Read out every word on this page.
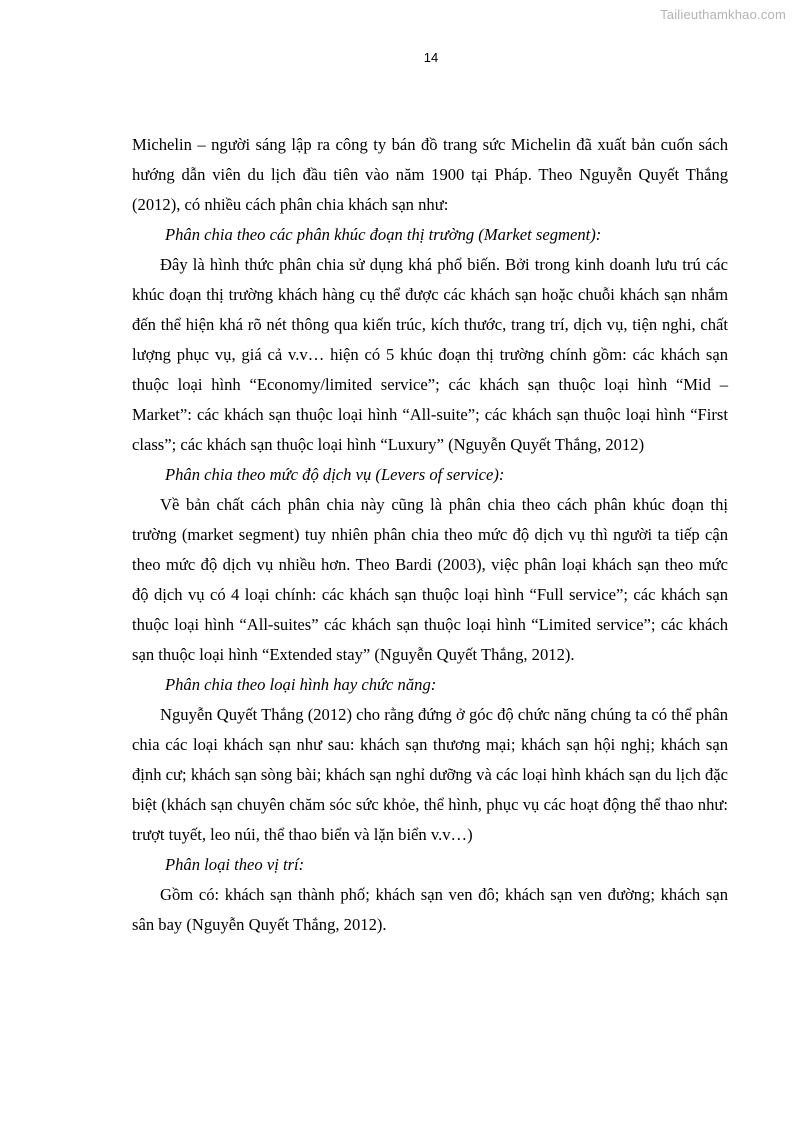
Tailieuthamkhao.com
14

Michelin – người sáng lập ra công ty bán đồ trang sức Michelin đã xuất bản cuốn sách hướng dẫn viên du lịch đầu tiên vào năm 1900 tại Pháp. Theo Nguyễn Quyết Thắng (2012), có nhiều cách phân chia khách sạn như:

Phân chia theo các phân khúc đoạn thị trường (Market segment):

Đây là hình thức phân chia sử dụng khá phổ biến. Bởi trong kinh doanh lưu trú các khúc đoạn thị trường khách hàng cụ thể được các khách sạn hoặc chuỗi khách sạn nhắm đến thể hiện khá rõ nét thông qua kiến trúc, kích thước, trang trí, dịch vụ, tiện nghi, chất lượng phục vụ, giá cả v.v… hiện có 5 khúc đoạn thị trường chính gồm: các khách sạn thuộc loại hình “Economy/limited service”; các khách sạn thuộc loại hình “Mid – Market”: các khách sạn thuộc loại hình “All-suite”; các khách sạn thuộc loại hình “First class”; các khách sạn thuộc loại hình “Luxury” (Nguyễn Quyết Thắng, 2012)

Phân chia theo mức độ dịch vụ (Levers of service):

Về bản chất cách phân chia này cũng là phân chia theo cách phân khúc đoạn thị trường (market segment) tuy nhiên phân chia theo mức độ dịch vụ thì người ta tiếp cận theo mức độ dịch vụ nhiều hơn. Theo Bardi (2003), việc phân loại khách sạn theo mức độ dịch vụ có 4 loại chính: các khách sạn thuộc loại hình “Full service”; các khách sạn thuộc loại hình “All-suites” các khách sạn thuộc loại hình “Limited service”; các khách sạn thuộc loại hình “Extended stay” (Nguyễn Quyết Thắng, 2012).

Phân chia theo loại hình hay chức năng:

Nguyễn Quyết Thắng (2012) cho rằng đứng ở góc độ chức năng chúng ta có thể phân chia các loại khách sạn như sau: khách sạn thương mại; khách sạn hội nghị; khách sạn định cư; khách sạn sòng bài; khách sạn nghỉ dưỡng và các loại hình khách sạn du lịch đặc biệt (khách sạn chuyên chăm sóc sức khỏe, thể hình, phục vụ các hoạt động thể thao như: trượt tuyết, leo núi, thể thao biển và lặn biển v.v…)

Phân loại theo vị trí:

Gồm có: khách sạn thành phố; khách sạn ven đô; khách sạn ven đường; khách sạn sân bay (Nguyễn Quyết Thắng, 2012).
